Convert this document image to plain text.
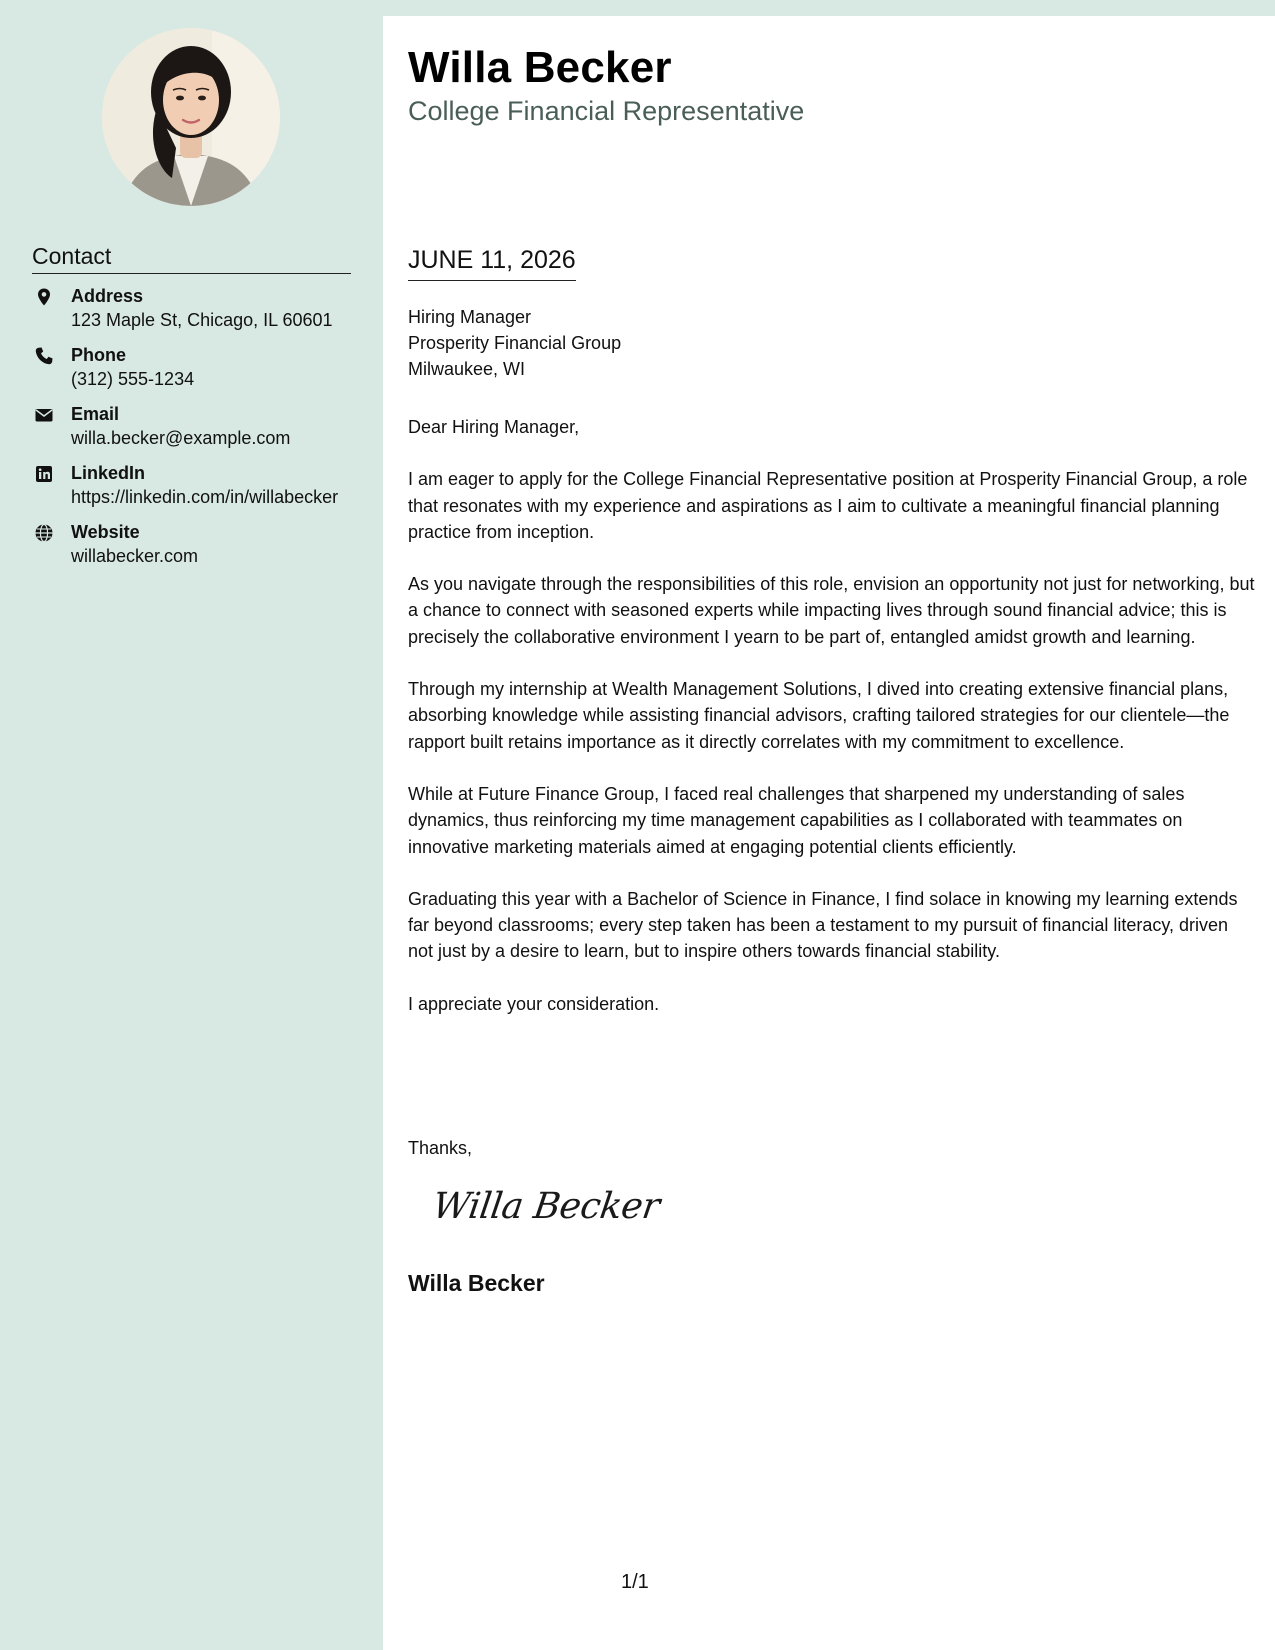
Contact
Address
123 Maple St, Chicago, IL 60601
Phone
(312) 555-1234
Email
willa.becker@example.com
LinkedIn
https://linkedin.com/in/willabecker
Website
willabecker.com
Willa Becker
College Financial Representative
JUNE 11, 2026
Hiring Manager
Prosperity Financial Group
Milwaukee, WI

Dear Hiring Manager,

I am eager to apply for the College Financial Representative position at Prosperity Financial Group, a role that resonates with my experience and aspirations as I aim to cultivate a meaningful financial planning practice from inception.

As you navigate through the responsibilities of this role, envision an opportunity not just for networking, but a chance to connect with seasoned experts while impacting lives through sound financial advice; this is precisely the collaborative environment I yearn to be part of, entangled amidst growth and learning.

Through my internship at Wealth Management Solutions, I dived into creating extensive financial plans, absorbing knowledge while assisting financial advisors, crafting tailored strategies for our clientele—the rapport built retains importance as it directly correlates with my commitment to excellence.

While at Future Finance Group, I faced real challenges that sharpened my understanding of sales dynamics, thus reinforcing my time management capabilities as I collaborated with teammates on innovative marketing materials aimed at engaging potential clients efficiently.

Graduating this year with a Bachelor of Science in Finance, I find solace in knowing my learning extends far beyond classrooms; every step taken has been a testament to my pursuit of financial literacy, driven not just by a desire to learn, but to inspire others towards financial stability.

I appreciate your consideration.

Thanks,
Willa Becker
Willa Becker
1/1
